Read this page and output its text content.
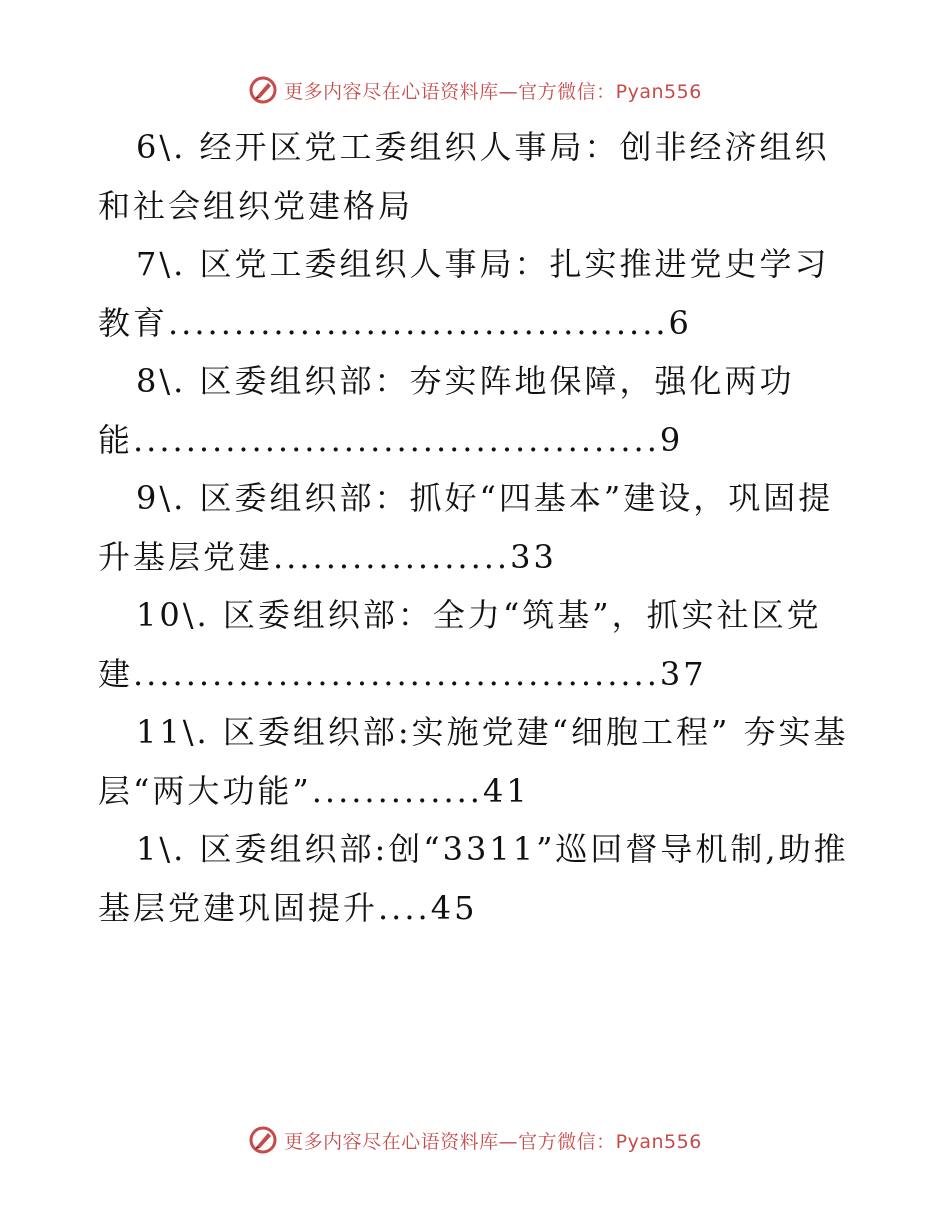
更多内容尽在心语资料库—官方微信：Pyan556

6\. 经开区党工委组织人事局：创非经济组织和社会组织党建格局

7\. 区党工委组织人事局：扎实推进党史学习教育......................................6

8\. 区委组织部：夯实阵地保障，强化两功能........................................9

9\. 区委组织部：抓好“四基本”建设，巩固提升基层党建..................33

10\. 区委组织部：全力“筑基”，抓实社区党建........................................37

11\. 区委组织部:实施党建“细胞工程” 夯实基层“两大功能”.............41

1\. 区委组织部:创“3311”巡回督导机制,助推基层党建巩固提升....45

更多内容尽在心语资料库—官方微信：Pyan556
